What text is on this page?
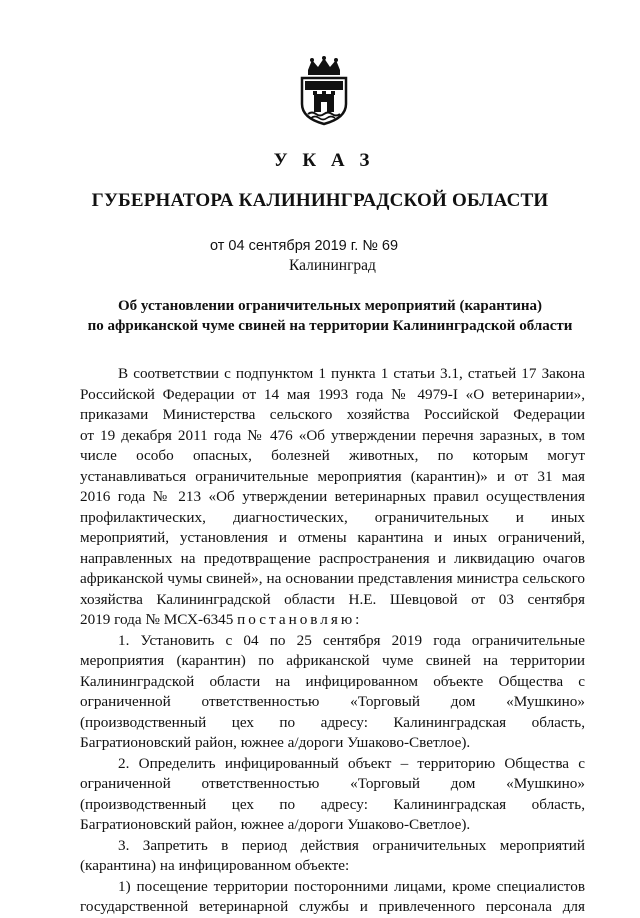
У К А З
ГУБЕРНАТОРА КАЛИНИНГРАДСКОЙ ОБЛАСТИ
от 04 сентября 2019 г. № 69
Калининград
Об установлении ограничительных мероприятий (карантина)
по африканской чуме свиней на территории Калининградской области
В соответствии с подпунктом 1 пункта 1 статьи 3.1, статьей 17 Закона
Российской Федерации от 14 мая 1993 года № 4979-I «О ветеринарии»,
приказами Министерства сельского хозяйства Российской Федерации
от 19 декабря 2011 года № 476 «Об утверждении перечня заразных, в том
числе особо опасных, болезней животных, по которым могут
устанавливаться ограничительные мероприятия (карантин)» и от 31 мая
2016 года № 213 «Об утверждении ветеринарных правил осуществления
профилактических, диагностических, ограничительных и иных
мероприятий, установления и отмены карантина и иных ограничений,
направленных на предотвращение распространения и ликвидацию очагов
африканской чумы свиней», на основании представления министра сельского
хозяйства Калининградской области Н.Е. Шевцовой от 03 сентября
2019 года № МСХ-6345 постановляю:
1. Установить с 04 по 25 сентября 2019 года ограничительные
мероприятия (карантин) по африканской чуме свиней на территории
Калининградской области на инфицированном объекте Общества с
ограниченной ответственностью «Торговый дом «Мушкино»
(производственный цех по адресу: Калининградская область,
Багратионовский район, южнее а/дороги Ушаково-Светлое).
2. Определить инфицированный объект – территорию Общества с
ограниченной ответственностью «Торговый дом «Мушкино»
(производственный цех по адресу: Калининградская область,
Багратионовский район, южнее а/дороги Ушаково-Светлое).
3. Запретить в период действия ограничительных мероприятий
(карантина) на инфицированном объекте:
1) посещение территории посторонними лицами, кроме специалистов
государственной ветеринарной службы и привлеченного персонала для
